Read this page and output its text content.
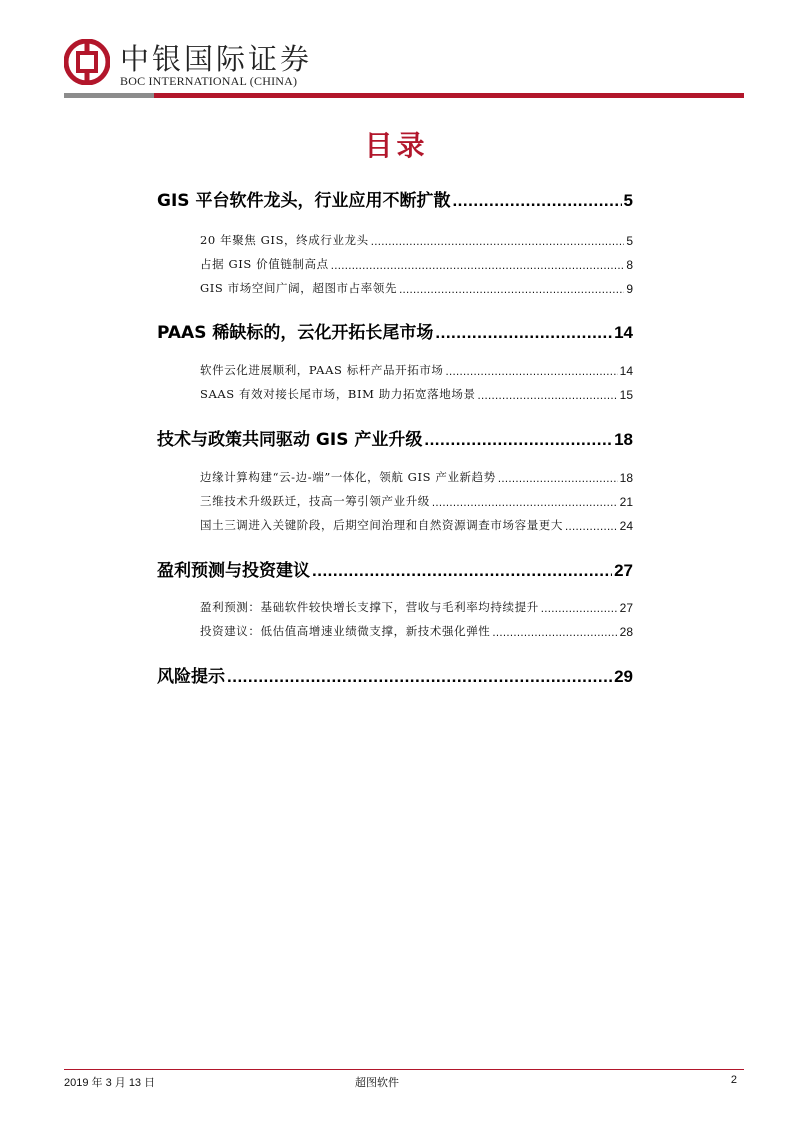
中银国际证券
BOC INTERNATIONAL (CHINA)
目录
GIS 平台软件龙头，行业应用不断扩散 .....	5
20 年聚焦 GIS，终成行业龙头 .....	5
占据 GIS 价值链制高点 .....	8
GIS 市场空间广阔，超图市占率领先 .....	9
PAAS 稀缺标的，云化开拓长尾市场 .....	14
软件云化进展顺利，PAAS 标杆产品开拓市场 .....	14
SAAS 有效对接长尾市场，BIM 助力拓宽落地场景 .....	15
技术与政策共同驱动 GIS 产业升级 .....	18
边缘计算构建“云-边-端”一体化，领航 GIS 产业新趋势 .....	18
三维技术升级跃迁，技高一筹引领产业升级 .....	21
国土三调进入关键阶段，后期空间治理和自然资源调查市场容量更大 .....	24
盈利预测与投资建议 .....	27
盈利预测：基础软件较快增长支撑下，营收与毛利率均持续提升 .....	27
投资建议：低估值高增速业绩微支撑，新技术强化弹性 .....	28
风险提示 .....	29
2019 年 3 月 13 日	超图软件	2
